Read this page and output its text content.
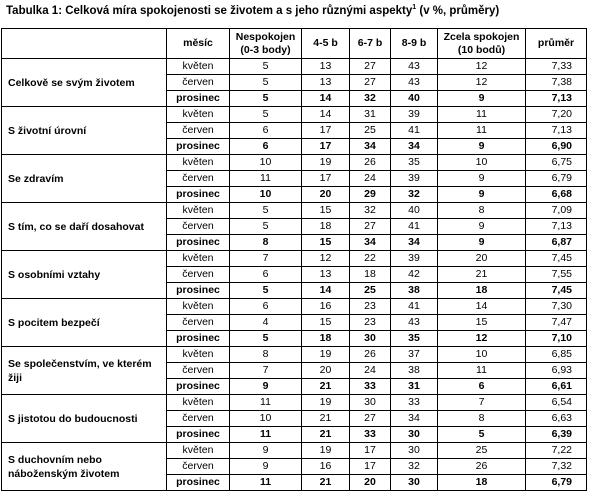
Tabulka 1: Celková míra spokojenosti se životem a s jeho různými aspekty$^1$ (v %, průměry)
	měsíc	Nespokojen (0-3 body)	4-5 b	6-7 b	8-9 b	Zcela spokojen (10 bodů)	průměr
Celkově se svým životem	květen	5	13	27	43	12	7,33
	červen	5	13	27	43	12	7,38
	prosinec	5	14	32	40	9	7,13
S životní úrovní	květen	5	14	31	39	11	7,20
	červen	6	17	25	41	11	7,13
	prosinec	6	17	34	34	9	6,90
Se zdravím	květen	10	19	26	35	10	6,75
	červen	11	17	24	39	9	6,79
	prosinec	10	20	29	32	9	6,68
S tím, co se daří dosahovat	květen	5	15	32	40	8	7,09
	červen	5	18	27	41	9	7,13
	prosinec	8	15	34	34	9	6,87
S osobními vztahy	květen	7	12	22	39	20	7,45
	červen	6	13	18	42	21	7,55
	prosinec	5	14	25	38	18	7,45
S pocitem bezpečí	květen	6	16	23	41	14	7,30
	červen	4	15	23	43	15	7,47
	prosinec	5	18	30	35	12	7,10
Se společenstvím, ve kterém žiji	květen	8	19	26	37	10	6,85
	červen	7	20	24	38	11	6,93
	prosinec	9	21	33	31	6	6,61
S jistotou do budoucnosti	květen	11	19	30	33	7	6,54
	červen	10	21	27	34	8	6,63
	prosinec	11	21	33	30	5	6,39
S duchovním nebo náboženským životem	květen	9	19	17	30	25	7,22
	červen	9	16	17	32	26	7,32
	prosinec	11	21	20	30	18	6,79
